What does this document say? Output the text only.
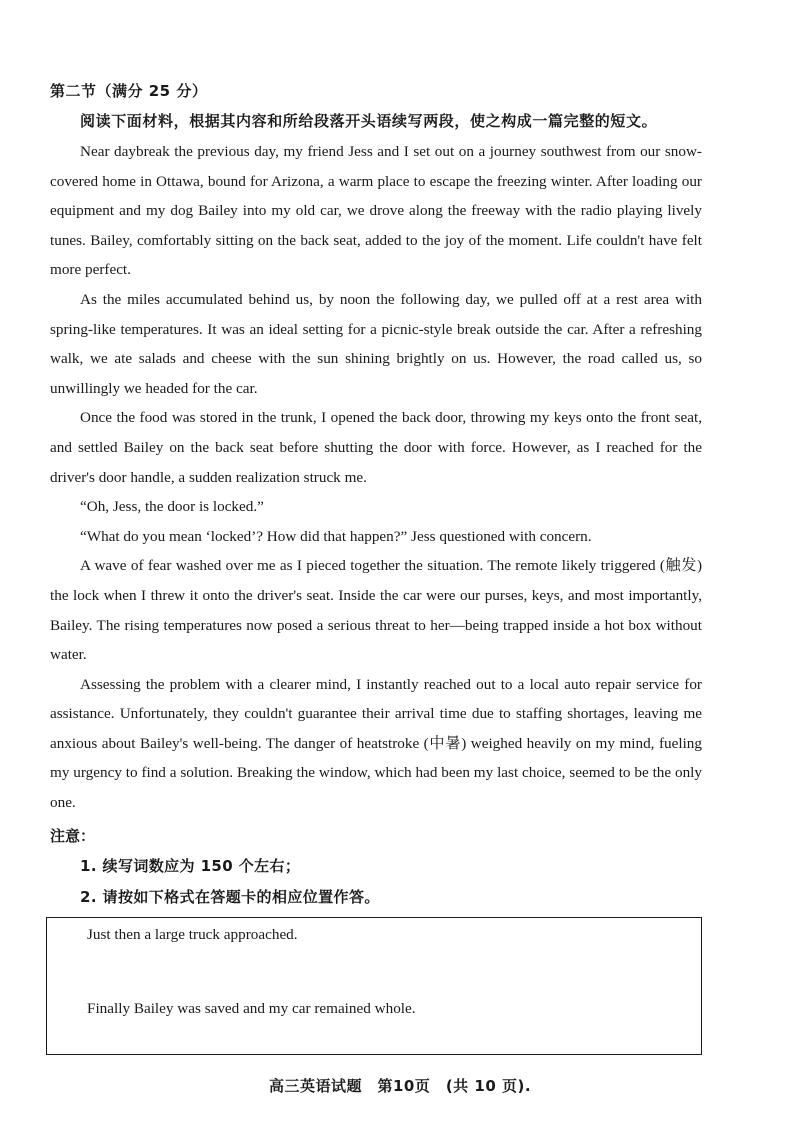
第二节（满分 25 分）
阅读下面材料，根据其内容和所给段落开头语续写两段，使之构成一篇完整的短文。

Near daybreak the previous day, my friend Jess and I set out on a journey southwest from our snow-covered home in Ottawa, bound for Arizona, a warm place to escape the freezing winter. After loading our equipment and my dog Bailey into my old car, we drove along the freeway with the radio playing lively tunes. Bailey, comfortably sitting on the back seat, added to the joy of the moment. Life couldn't have felt more perfect.

As the miles accumulated behind us, by noon the following day, we pulled off at a rest area with spring-like temperatures. It was an ideal setting for a picnic-style break outside the car. After a refreshing walk, we ate salads and cheese with the sun shining brightly on us. However, the road called us, so unwillingly we headed for the car.

Once the food was stored in the trunk, I opened the back door, throwing my keys onto the front seat, and settled Bailey on the back seat before shutting the door with force. However, as I reached for the driver's door handle, a sudden realization struck me.

“Oh, Jess, the door is locked.”

“What do you mean ‘locked’? How did that happen?” Jess questioned with concern.

A wave of fear washed over me as I pieced together the situation. The remote likely triggered (触发) the lock when I threw it onto the driver's seat. Inside the car were our purses, keys, and most importantly, Bailey. The rising temperatures now posed a serious threat to her—being trapped inside a hot box without water.

Assessing the problem with a clearer mind, I instantly reached out to a local auto repair service for assistance. Unfortunately, they couldn't guarantee their arrival time due to staffing shortages, leaving me anxious about Bailey's well-being. The danger of heatstroke (中暑) weighed heavily on my mind, fueling my urgency to find a solution. Breaking the window, which had been my last choice, seemed to be the only one.

注意：
1. 续写词数应为 150 个左右；
2. 请按如下格式在答题卡的相应位置作答。
Just then a large truck approached.
Finally Bailey was saved and my car remained whole.
高三英语试题　第10页　(共 10 页).
